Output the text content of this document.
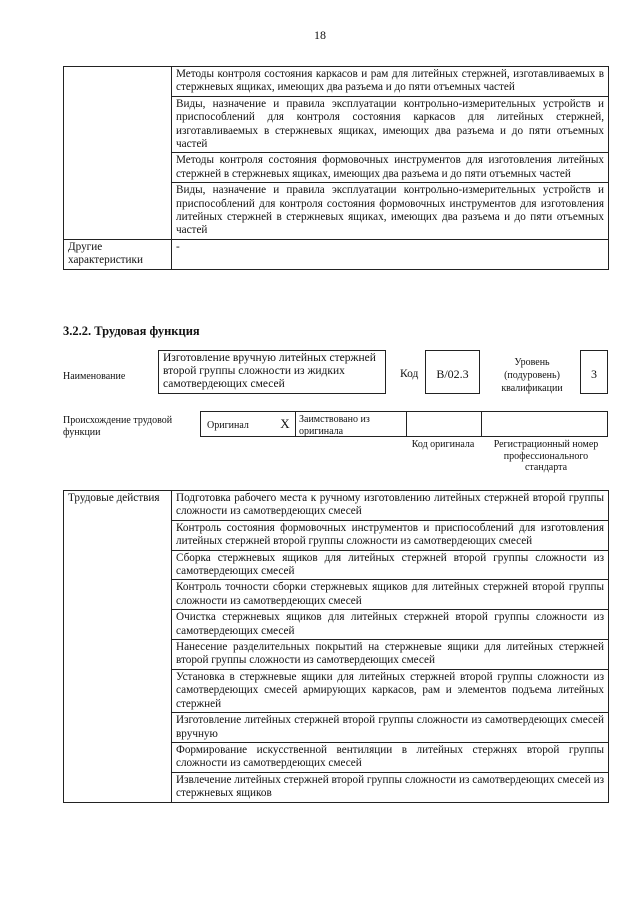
18
	Методы контроля состояния каркасов и рам для литейных стержней, изготавливаемых в стержневых ящиках, имеющих два разъема и до пяти отъемных частей
	Виды, назначение и правила эксплуатации контрольно-измерительных устройств и приспособлений для контроля состояния каркасов для литейных стержней, изготавливаемых в стержневых ящиках, имеющих два разъема и до пяти отъемных частей
	Методы контроля состояния формовочных инструментов для изготовления литейных стержней в стержневых ящиках, имеющих два разъема и до пяти отъемных частей
	Виды, назначение и правила эксплуатации контрольно-измерительных устройств и приспособлений для контроля состояния формовочных инструментов для изготовления литейных стержней в стержневых ящиках, имеющих два разъема и до пяти отъемных частей
Другие характеристики	-
3.2.2. Трудовая функция
Наименование
Изготовление вручную литейных стержней второй группы сложности из жидких самотвердеющих смесей
Код	B/02.3
Уровень (подуровень) квалификации
3
Происхождение трудовой функции
Оригинал	X Заимствовано из оригинала
Код оригинала	Регистрационный номер профессионального стандарта
Трудовые действия	Подготовка рабочего места к ручному изготовлению литейных стержней второй группы сложности из самотвердеющих смесей
Контроль состояния формовочных инструментов и приспособлений для изготовления литейных стержней второй группы сложности из самотвердеющих смесей
Сборка стержневых ящиков для литейных стержней второй группы сложности из самотвердеющих смесей
Контроль точности сборки стержневых ящиков для литейных стержней второй группы сложности из самотвердеющих смесей
Очистка стержневых ящиков для литейных стержней второй группы сложности из самотвердеющих смесей
Нанесение разделительных покрытий на стержневые ящики для литейных стержней второй группы сложности из самотвердеющих смесей
Установка в стержневые ящики для литейных стержней второй группы сложности из самотвердеющих смесей армирующих каркасов, рам и элементов подъема литейных стержней
Изготовление литейных стержней второй группы сложности из самотвердеющих смесей вручную
Формирование искусственной вентиляции в литейных стержнях второй группы сложности из самотвердеющих смесей
Извлечение литейных стержней второй группы сложности из самотвердеющих смесей из стержневых ящиков
